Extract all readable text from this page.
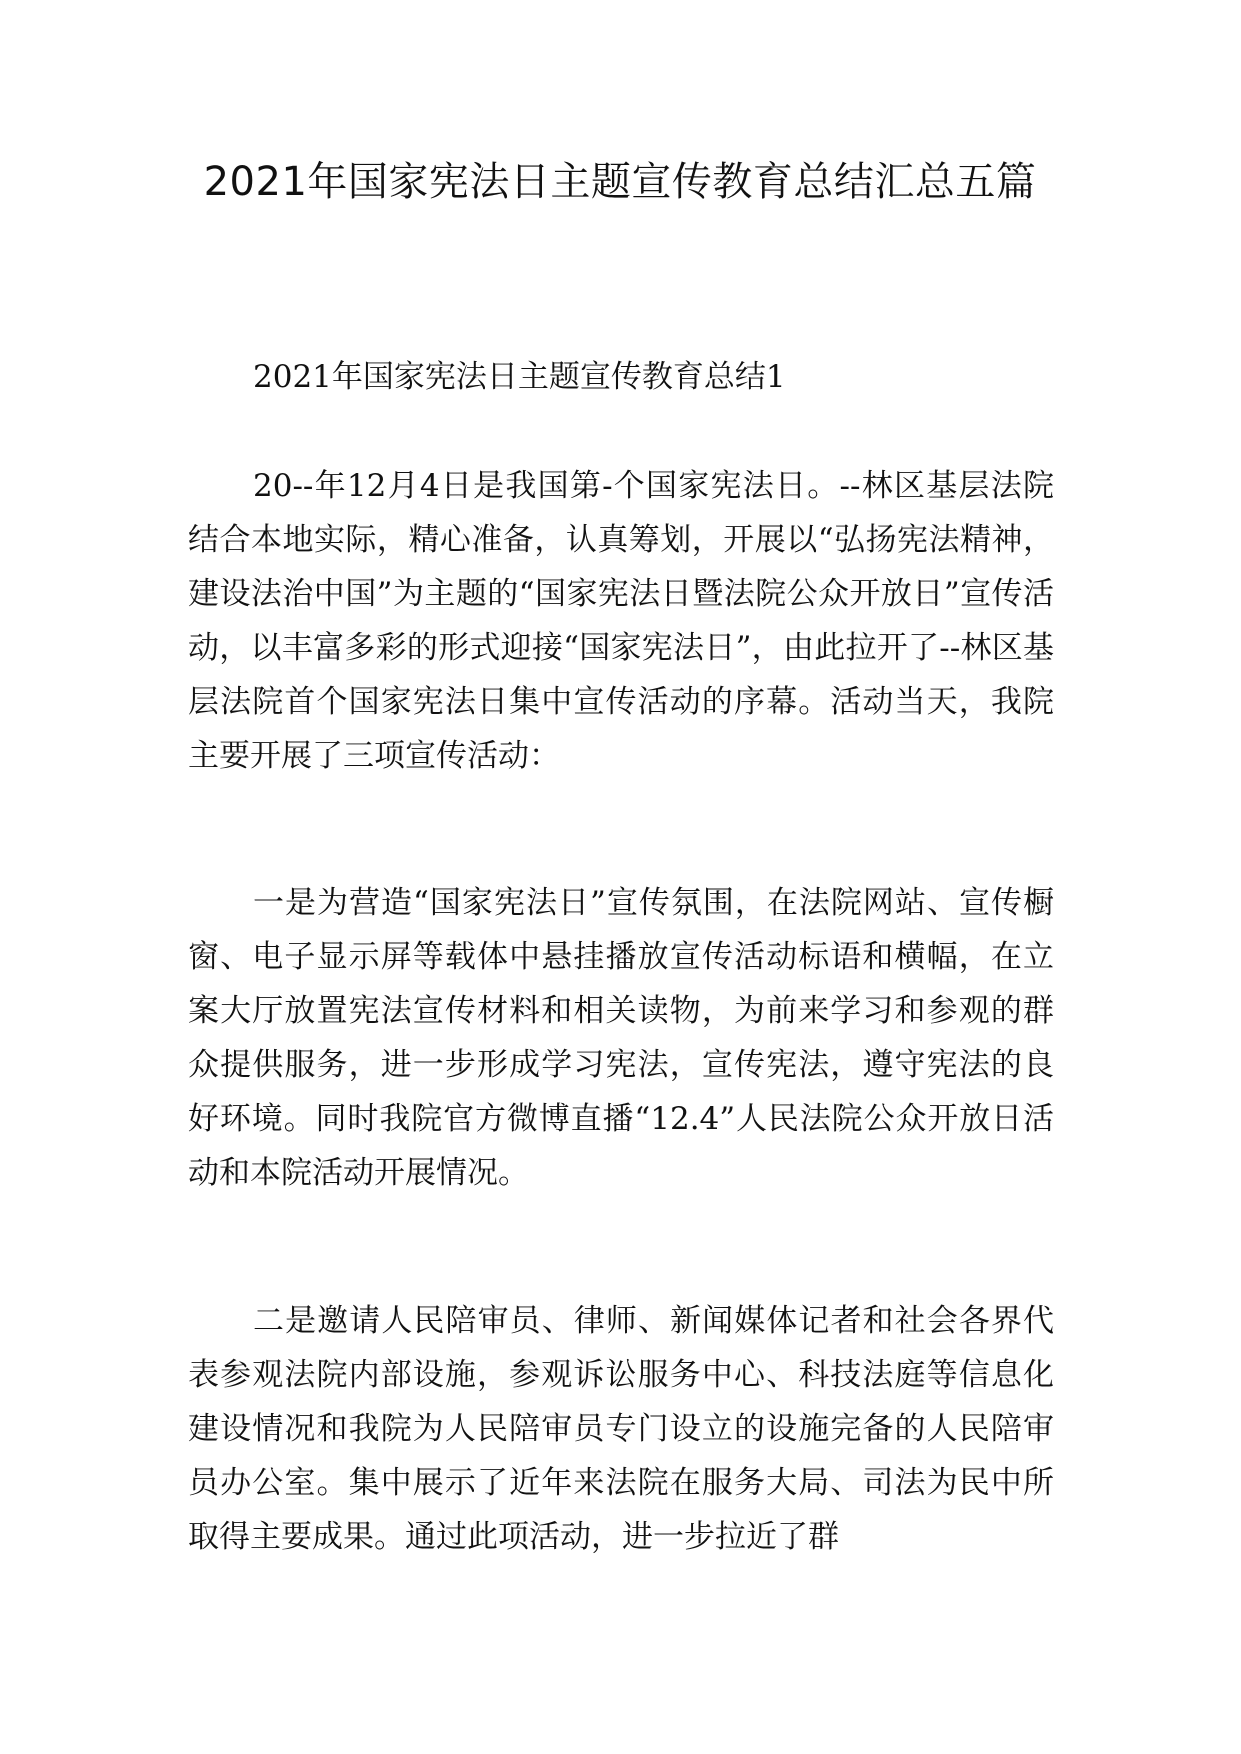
2021年国家宪法日主题宣传教育总结汇总五篇

2021年国家宪法日主题宣传教育总结1

20--年12月4日是我国第-个国家宪法日。--林区基层法院结合本地实际，精心准备，认真筹划，开展以“弘扬宪法精神，建设法治中国”为主题的“国家宪法日暨法院公众开放日”宣传活动，以丰富多彩的形式迎接“国家宪法日”，由此拉开了--林区基层法院首个国家宪法日集中宣传活动的序幕。活动当天，我院主要开展了三项宣传活动：

一是为营造“国家宪法日”宣传氛围，在法院网站、宣传橱窗、电子显示屏等载体中悬挂播放宣传活动标语和横幅，在立案大厅放置宪法宣传材料和相关读物，为前来学习和参观的群众提供服务，进一步形成学习宪法，宣传宪法，遵守宪法的良好环境。同时我院官方微博直播“12.4”人民法院公众开放日活动和本院活动开展情况。

二是邀请人民陪审员、律师、新闻媒体记者和社会各界代表参观法院内部设施，参观诉讼服务中心、科技法庭等信息化建设情况和我院为人民陪审员专门设立的设施完备的人民陪审员办公室。集中展示了近年来法院在服务大局、司法为民中所取得主要成果。通过此项活动，进一步拉近了群
